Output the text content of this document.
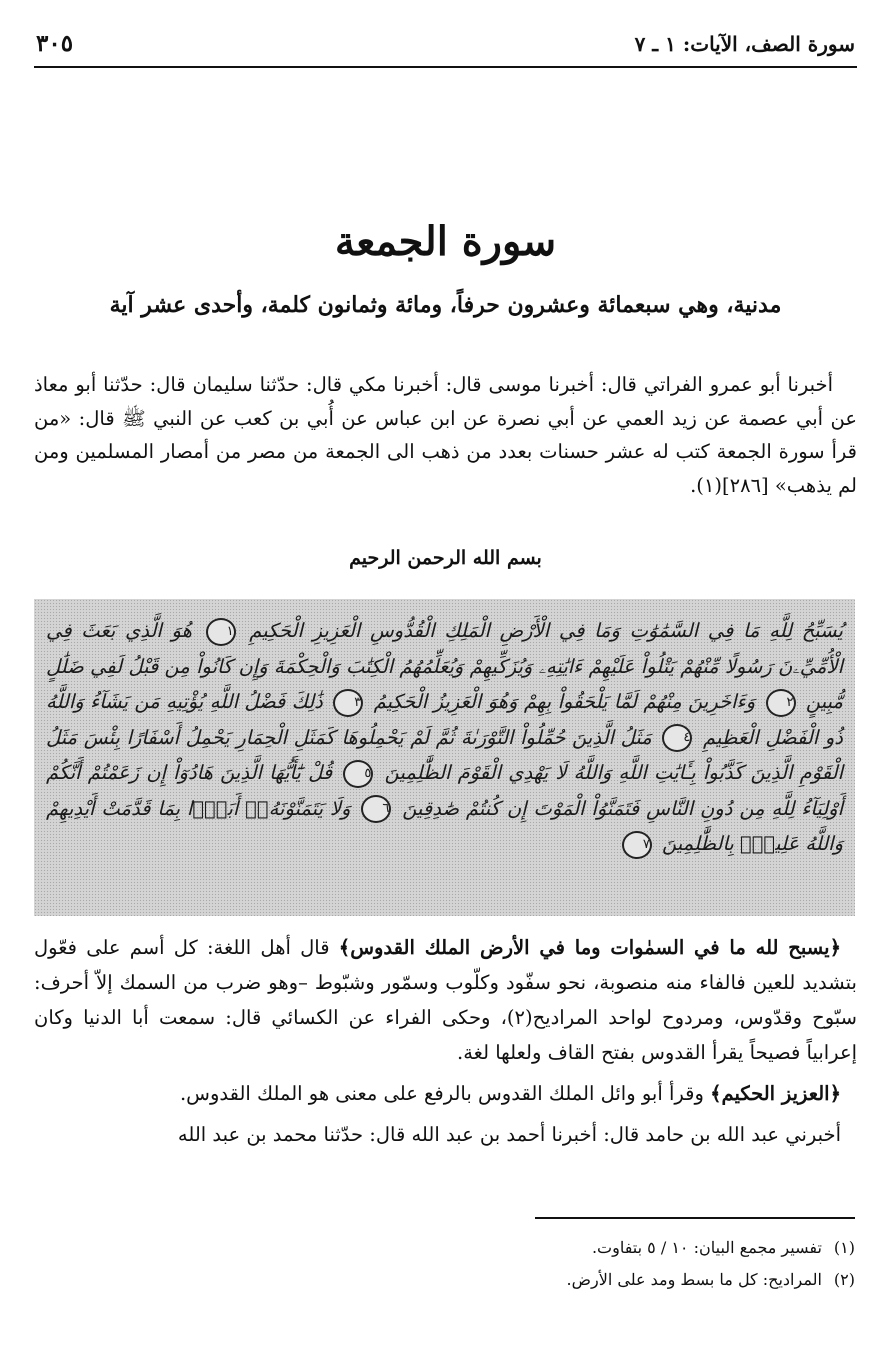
سورة الصف، الآيات: ١ ـ ٧
٣٠٥
سورة الجمعة
مدنية، وهي سبعمائة وعشرون حرفاً، ومائة وثمانون كلمة، وأحدى عشر آية

أخبرنا أبو عمرو الفراتي قال: أخبرنا موسى قال: أخبرنا مكي قال: حدّثنا سليمان قال: حدّثنا أبو معاذ عن أبي عصمة عن زيد العمي عن أبي نصرة عن ابن عباس عن أُبي بن كعب عن النبي ﷺ قال: «من قرأ سورة الجمعة كتب له عشر حسنات بعدد من ذهب الى الجمعة من مصر من أمصار المسلمين ومن لم يذهب» [٢٨٦](١).

بسم الله الرحمن الرحيم
يُسَبِّحُ لِلَّهِ مَا فِي السَّمَٰوَٰتِ وَمَا فِي الْأَرْضِ الْمَلِكِ الْقُدُّوسِ الْعَزِيزِ الْحَكِيمِ ١ هُوَ الَّذِي بَعَثَ فِي الْأُمِّيِّۦنَ رَسُولًا مِّنْهُمْ يَتْلُواْ عَلَيْهِمْ ءَايَٰتِهِۦ وَيُزَكِّيهِمْ وَيُعَلِّمُهُمُ الْكِتَٰبَ وَالْحِكْمَةَ وَإِن كَانُواْ مِن قَبْلُ لَفِي ضَلَٰلٍ مُّبِينٍ ٢ وَءَاخَرِينَ مِنْهُمْ لَمَّا يَلْحَقُواْ بِهِمْ وَهُوَ الْعَزِيزُ الْحَكِيمُ ٣ ذَٰلِكَ فَضْلُ اللَّهِ يُؤْتِيهِ مَن يَشَآءُ وَاللَّهُ ذُو الْفَضْلِ الْعَظِيمِ ٤ مَثَلُ الَّذِينَ حُمِّلُواْ التَّوْرَىٰةَ ثُمَّ لَمْ يَحْمِلُوهَا كَمَثَلِ الْحِمَارِ يَحْمِلُ أَسْفَارًا بِئْسَ مَثَلُ الْقَوْمِ الَّذِينَ كَذَّبُواْ بِـَٔايَٰتِ اللَّهِ وَاللَّهُ لَا يَهْدِي الْقَوْمَ الظَّٰلِمِينَ ٥ قُلْ يَٰٓأَيُّهَا الَّذِينَ هَادُوٓاْ إِن زَعَمْتُمْ أَنَّكُمْ أَوْلِيَآءُ لِلَّهِ مِن دُونِ النَّاسِ فَتَمَنَّوُاْ الْمَوْتَ إِن كُنتُمْ صَٰدِقِينَ ٦ وَلَا يَتَمَنَّوْنَهُۥٓ أَبَدًۢا بِمَا قَدَّمَتْ أَيْدِيهِمْ وَاللَّهُ عَلِيمٌۢ بِالظَّٰلِمِينَ ٧

﴿يسبح لله ما في السمٰوات وما في الأرض الملك القدوس﴾ قال أهل اللغة: كل أسم على فعّول بتشديد للعين فالفاء منه منصوبة، نحو سفّود وكلّوب وسمّور وشبّوط –وهو ضرب من السمك إلاّ أحرف: سبّوح وقدّوس، ومردوح لواحد المراديح(٢)، وحكى الفراء عن الكسائي قال: سمعت أبا الدنيا وكان إعرابياً فصيحاً يقرأ القدوس بفتح القاف ولعلها لغة.

﴿العزيز الحكيم﴾ وقرأ أبو وائل الملك القدوس بالرفع على معنى هو الملك القدوس.

أخبرني عبد الله بن حامد قال: أخبرنا أحمد بن عبد الله قال: حدّثنا محمد بن عبد الله

(١)تفسير مجمع البيان: ١٠ / ٥ بتفاوت.
(٢)المراديح: كل ما بسط ومد على الأرض.
